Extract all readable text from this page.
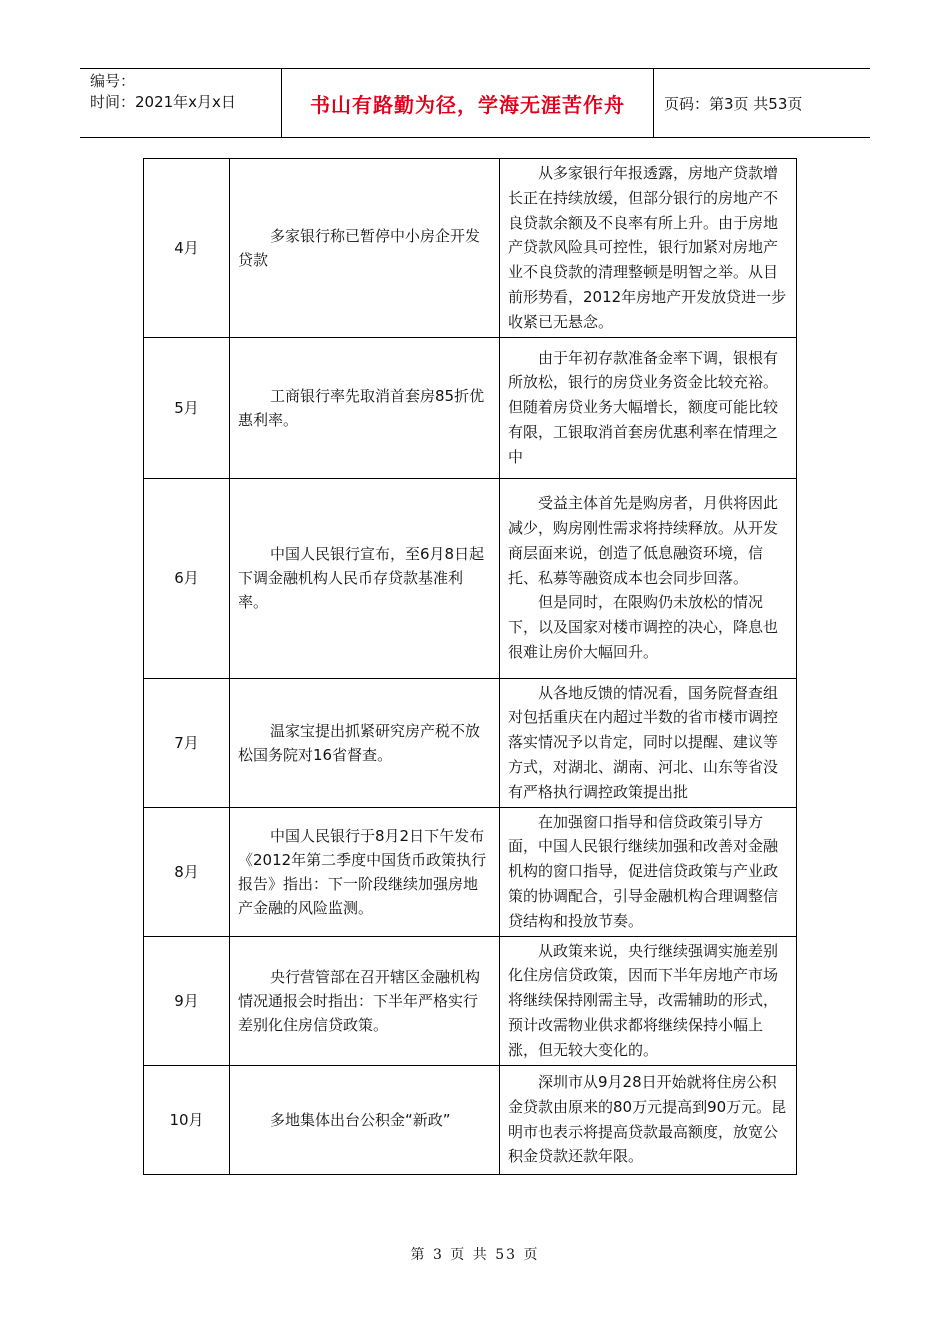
编号：
时间：2021年x月x日	书山有路勤为径，学海无涯苦作舟	页码：第3页 共53页
4月	多家银行称已暂停中小房企开发贷款	从多家银行年报透露，房地产贷款增长正在持续放缓，但部分银行的房地产不良贷款余额及不良率有所上升。由于房地产贷款风险具可控性，银行加紧对房地产业不良贷款的清理整顿是明智之举。从目前形势看，2012年房地产开发放贷进一步收紧已无悬念。

5月	工商银行率先取消首套房85折优惠利率。	由于年初存款准备金率下调，银根有所放松，银行的房贷业务资金比较充裕。但随着房贷业务大幅增长，额度可能比较有限，工银取消首套房优惠利率在情理之中

6月	中国人民银行宣布，至6月8日起下调金融机构人民币存贷款基准利率。	受益主体首先是购房者，月供将因此减少，购房刚性需求将持续释放。从开发商层面来说，创造了低息融资环境，信托、私募等融资成本也会同步回落。

但是同时，在限购仍未放松的情况下，以及国家对楼市调控的决心，降息也很难让房价大幅回升。

7月	温家宝提出抓紧研究房产税不放松国务院对16省督查。	从各地反馈的情况看，国务院督查组对包括重庆在内超过半数的省市楼市调控落实情况予以肯定，同时以提醒、建议等方式，对湖北、湖南、河北、山东等省没有严格执行调控政策提出批

8月	中国人民银行于8月2日下午发布《2012年第二季度中国货币政策执行报告》指出：下一阶段继续加强房地产金融的风险监测。	在加强窗口指导和信贷政策引导方面，中国人民银行继续加强和改善对金融机构的窗口指导，促进信贷政策与产业政策的协调配合，引导金融机构合理调整信贷结构和投放节奏。

9月	央行营管部在召开辖区金融机构情况通报会时指出：下半年严格实行差别化住房信贷政策。	从政策来说，央行继续强调实施差别化住房信贷政策，因而下半年房地产市场将继续保持刚需主导，改需辅助的形式，预计改需物业供求都将继续保持小幅上涨，但无较大变化的。

10月	多地集体出台公积金“新政”	深圳市从9月28日开始就将住房公积金贷款由原来的80万元提高到90万元。昆明市也表示将提高贷款最高额度，放宽公积金贷款还款年限。

第 3 页 共 53 页
